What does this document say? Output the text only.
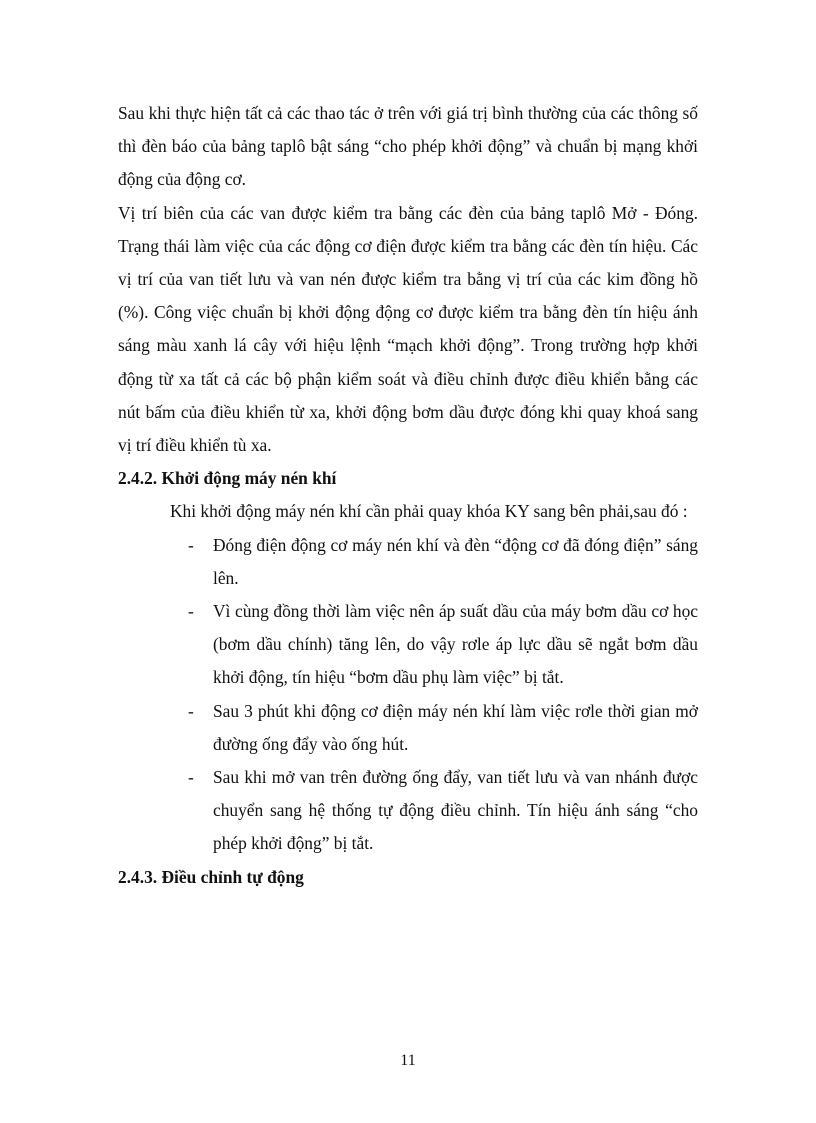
Sau khi thực hiện tất cả các thao tác ở trên với giá trị bình thường của các thông số thì đèn báo của bảng taplô bật sáng “cho phép khởi động” và chuẩn bị mạng khởi động của động cơ.

Vị trí biên của các van được kiểm tra bằng các đèn của bảng taplô Mở - Đóng. Trạng thái làm việc của các động cơ điện được kiểm tra bằng các đèn tín hiệu. Các vị trí của van tiết lưu và van nén được kiểm tra bằng vị trí của các kim đồng hồ (%). Công việc chuẩn bị khởi động động cơ được kiểm tra bằng đèn tín hiệu ánh sáng màu xanh lá cây với hiệu lệnh “mạch khởi động”. Trong trường hợp khởi động từ xa tất cả các bộ phận kiểm soát và điều chỉnh được điều khiển bằng các nút bấm của điều khiển từ xa, khởi động bơm dầu được đóng khi quay khoá sang vị trí điều khiển tù xa.

2.4.2. Khởi động máy nén khí

Khi khởi động máy nén khí cần phải quay khóa KY sang bên phải,sau đó :

- Đóng điện động cơ máy nén khí và đèn “động cơ đã đóng điện” sáng lên.
- Vì cùng đồng thời làm việc nên áp suất dầu của máy bơm dầu cơ học (bơm dầu chính) tăng lên, do vậy rơle áp lực dầu sẽ ngắt bơm dầu khởi động, tín hiệu “bơm dầu phụ làm việc” bị tắt.
- Sau 3 phút khi động cơ điện máy nén khí làm việc rơle thời gian mở đường ống đẩy vào ống hút.
- Sau khi mở van trên đường ống đẩy, van tiết lưu và van nhánh được chuyển sang hệ thống tự động điều chỉnh. Tín hiệu ánh sáng “cho phép khởi động” bị tắt.

2.4.3. Điều chỉnh tự động

11
